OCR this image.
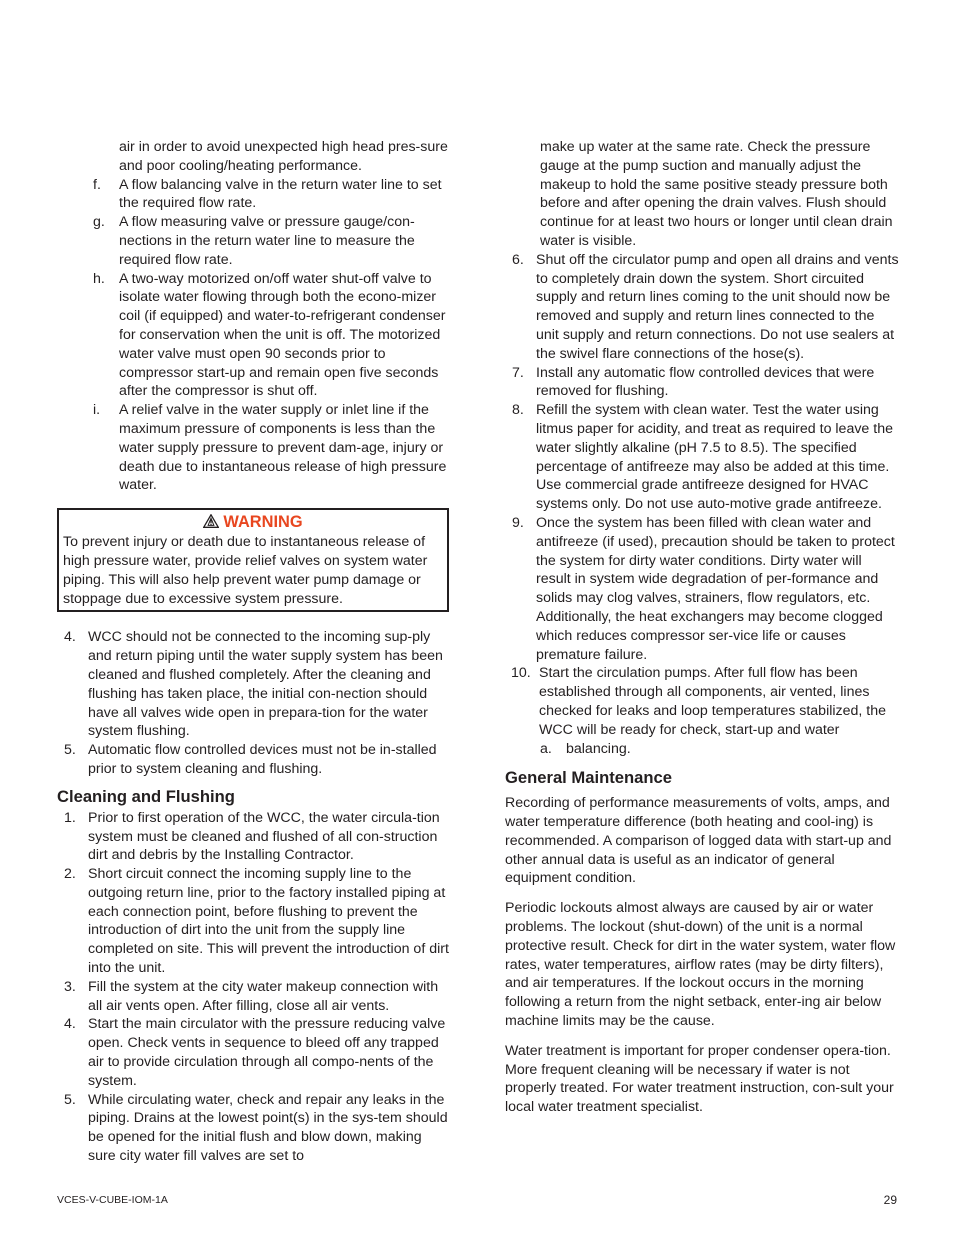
air in order to avoid unexpected high head pres-sure and poor cooling/heating performance.
f.	A flow balancing valve in the return water line to set the required flow rate.
g. A flow measuring valve or pressure gauge/con-nections in the return water line to measure the required flow rate.
h. A two-way motorized on/off water shut-off valve to isolate water flowing through both the econo-mizer coil (if equipped) and water-to-refrigerant condenser for conservation when the unit is off. The motorized water valve must open 90 seconds prior to compressor start-up and remain open five seconds after the compressor is shut off.
i.	A relief valve in the water supply or inlet line if the maximum pressure of components is less than the water supply pressure to prevent dam-age, injury or death due to instantaneous release of high pressure water.
WARNING
To prevent injury or death due to instantaneous release of high pressure water, provide relief valves on system water piping. This will also help prevent water pump damage or stoppage due to excessive system pressure.
4. WCC should not be connected to the incoming sup-ply and return piping until the water supply system has been cleaned and flushed completely. After the cleaning and flushing has taken place, the initial con-nection should have all valves wide open in prepara-tion for the water system flushing.
5. Automatic flow controlled devices must not be in-stalled prior to system cleaning and flushing.
Cleaning and Flushing
1. Prior to first operation of the WCC, the water circula-tion system must be cleaned and flushed of all con-struction dirt and debris by the Installing Contractor.
2. Short circuit connect the incoming supply line to the outgoing return line, prior to the factory installed piping at each connection point, before flushing to prevent the introduction of dirt into the unit from the supply line completed on site. This will prevent the introduction of dirt into the unit.
3. Fill the system at the city water makeup connection with all air vents open. After filling, close all air vents.
4. Start the main circulator with the pressure reducing valve open. Check vents in sequence to bleed off any trapped air to provide circulation through all compo-nents of the system.
5. While circulating water, check and repair any leaks in the piping. Drains at the lowest point(s) in the sys-tem should be opened for the initial flush and blow down, making sure city water fill valves are set to
make up water at the same rate. Check the pressure gauge at the pump suction and manually adjust the makeup to hold the same positive steady pressure both before and after opening the drain valves. Flush should continue for at least two hours or longer until clean drain water is visible.
6. Shut off the circulator pump and open all drains and vents to completely drain down the system. Short circuited supply and return lines coming to the unit should now be removed and supply and return lines connected to the unit supply and return connections. Do not use sealers at the swivel flare connections of the hose(s).
7. Install any automatic flow controlled devices that were removed for flushing.
8. Refill the system with clean water. Test the water using litmus paper for acidity, and treat as required to leave the water slightly alkaline (pH 7.5 to 8.5). The specified percentage of antifreeze may also be added at this time. Use commercial grade antifreeze designed for HVAC systems only. Do not use auto-motive grade antifreeze.
9. Once the system has been filled with clean water and antifreeze (if used), precaution should be taken to protect the system for dirty water conditions. Dirty water will result in system wide degradation of per-formance and solids may clog valves, strainers, flow regulators, etc. Additionally, the heat exchangers may become clogged which reduces compressor ser-vice life or causes premature failure.
10. Start the circulation pumps. After full flow has been established through all components, air vented, lines checked for leaks and loop temperatures stabilized, the WCC will be ready for check, start-up and water
a. balancing.
General Maintenance

Recording of performance measurements of volts, amps, and water temperature difference (both heating and cool-ing) is recommended. A comparison of logged data with start-up and other annual data is useful as an indicator of general equipment condition.

Periodic lockouts almost always are caused by air or water problems. The lockout (shut-down) of the unit is a normal protective result. Check for dirt in the water system, water flow rates, water temperatures, airflow rates (may be dirty filters), and air temperatures. If the lockout occurs in the morning following a return from the night setback, enter-ing air below machine limits may be the cause.

Water treatment is important for proper condenser opera-tion. More frequent cleaning will be necessary if water is not properly treated. For water treatment instruction, con-sult your local water treatment specialist.

VCES-V-CUBE-IOM-1A	29
